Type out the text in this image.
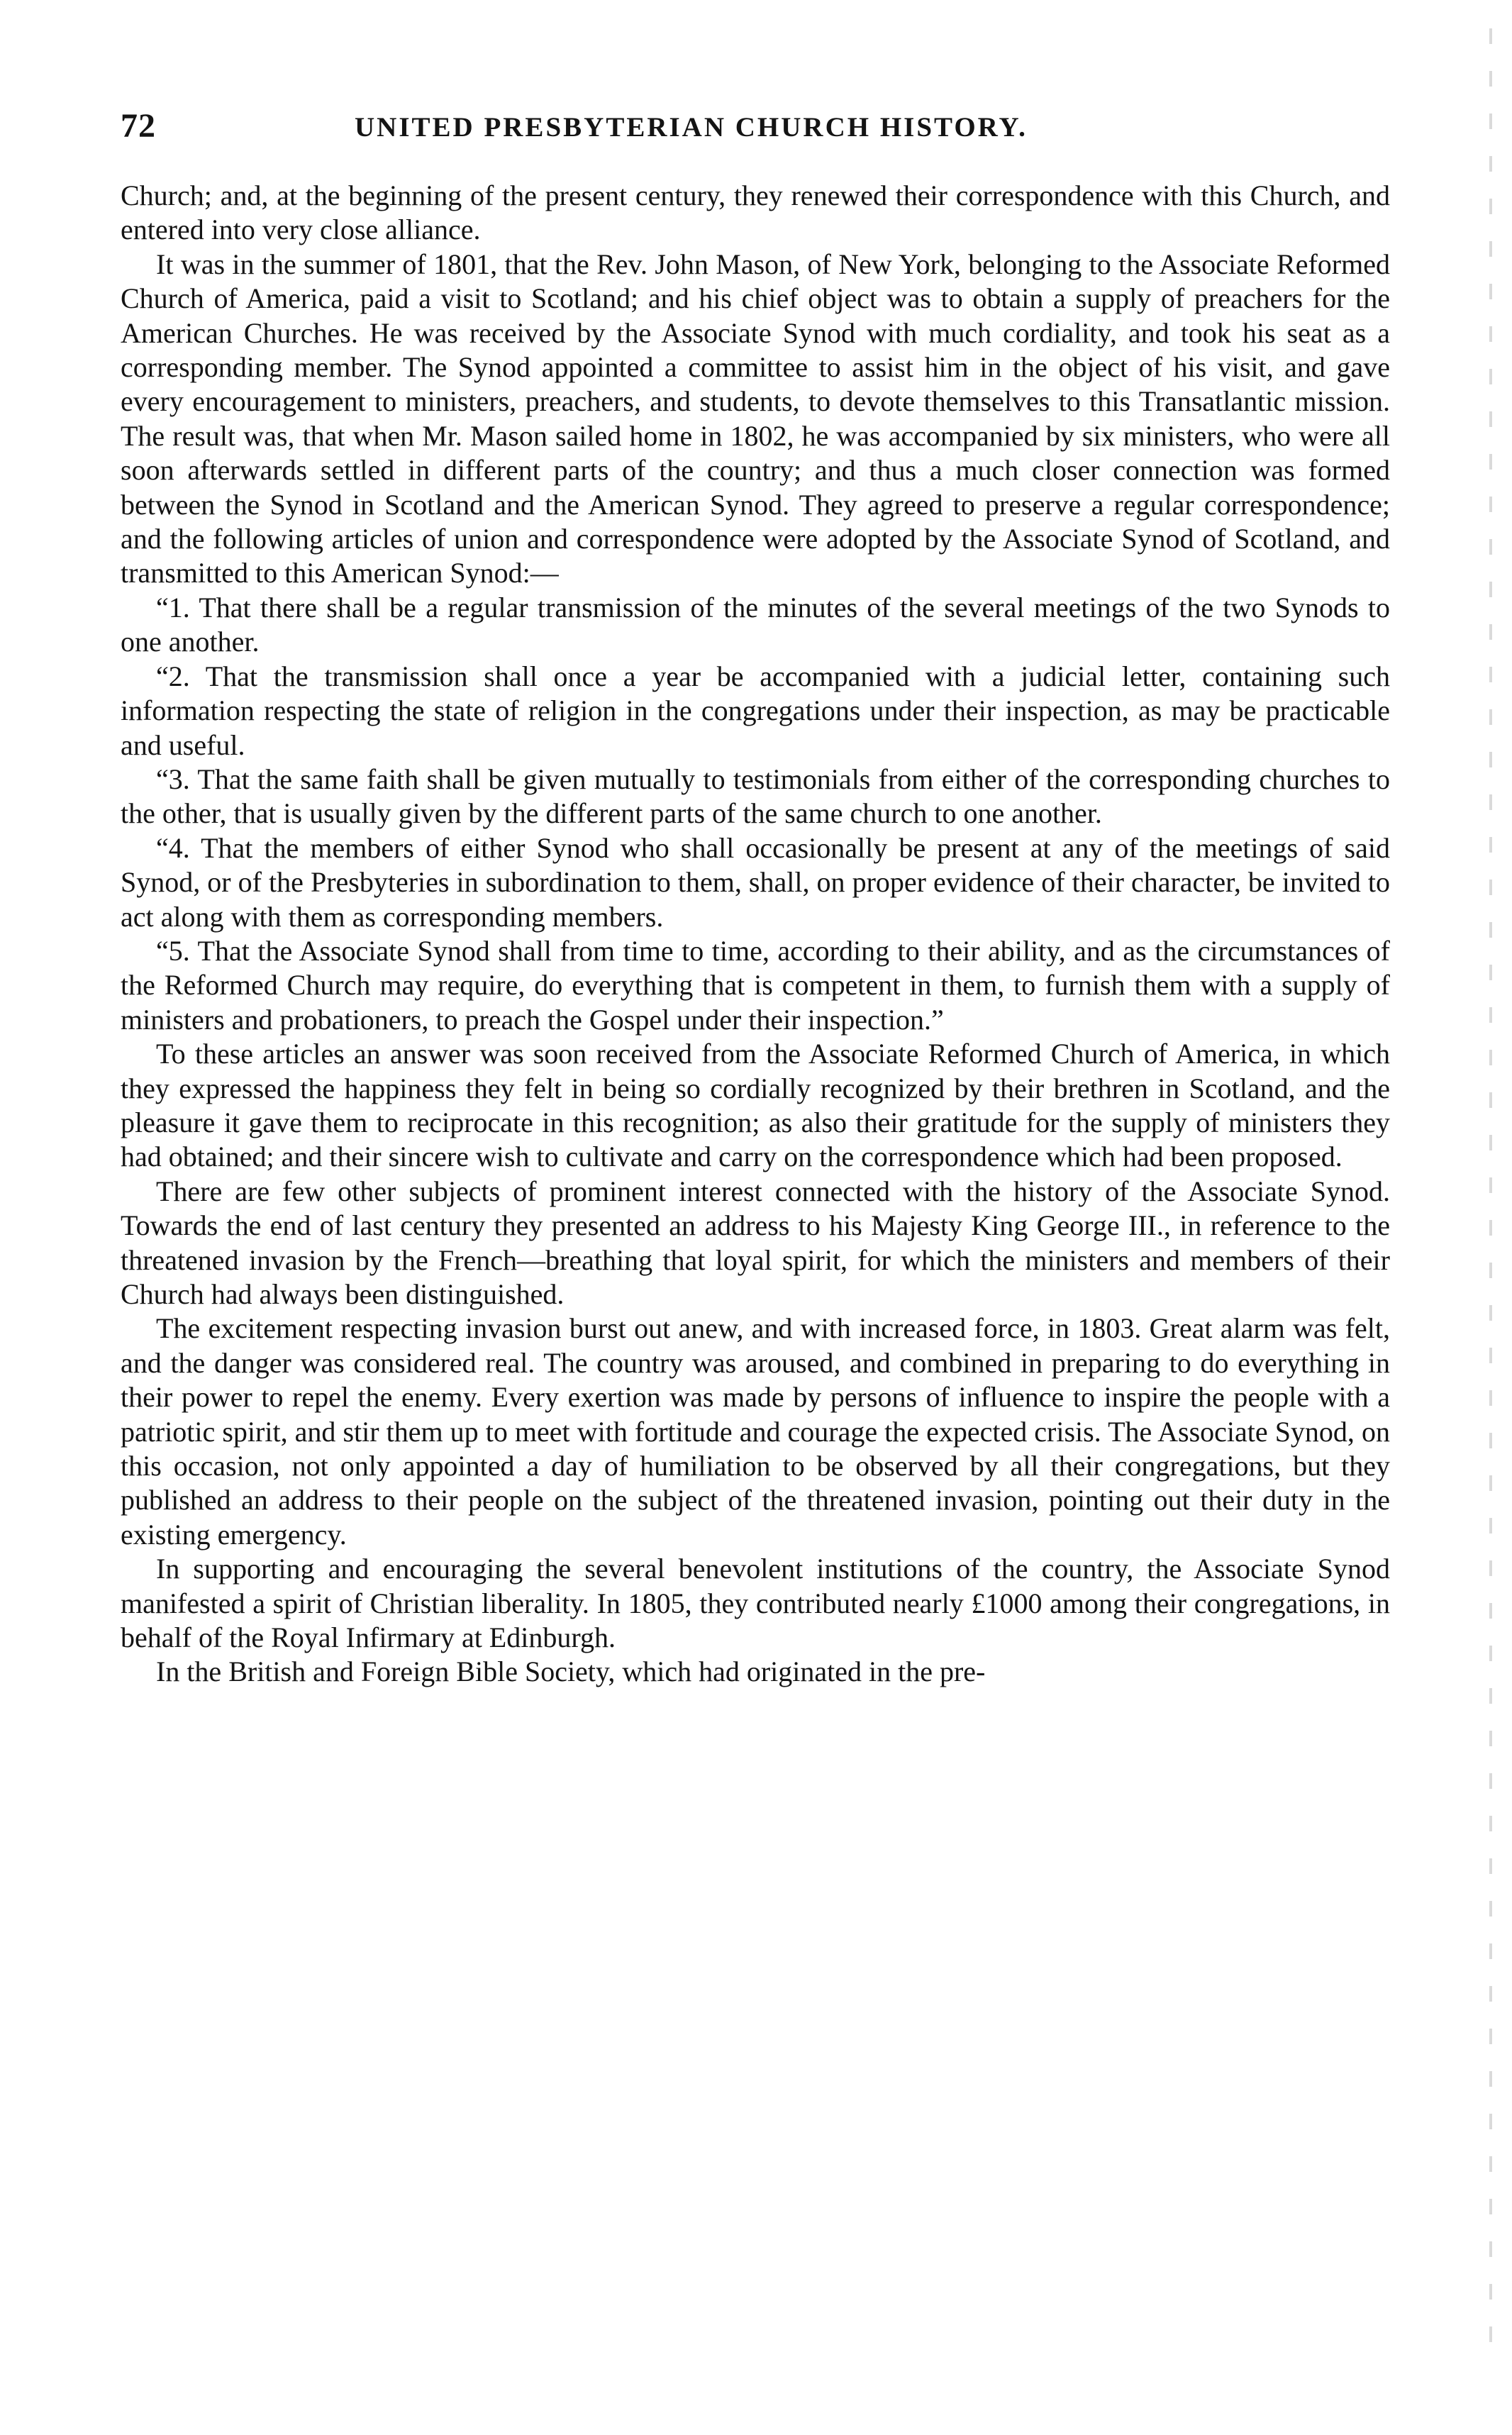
72	UNITED PRESBYTERIAN CHURCH HISTORY.

Church; and, at the beginning of the present century, they renewed their correspondence with this Church, and entered into very close alliance.

It was in the summer of 1801, that the Rev. John Mason, of New York, belonging to the Associate Reformed Church of America, paid a visit to Scotland; and his chief object was to obtain a supply of preachers for the American Churches. He was received by the Associate Synod with much cordiality, and took his seat as a corresponding member. The Synod appointed a committee to assist him in the object of his visit, and gave every encouragement to ministers, preachers, and students, to devote themselves to this Transatlantic mission. The result was, that when Mr. Mason sailed home in 1802, he was accompanied by six ministers, who were all soon afterwards settled in different parts of the country; and thus a much closer connection was formed between the Synod in Scotland and the American Synod. They agreed to preserve a regular correspondence; and the following articles of union and correspondence were adopted by the Associate Synod of Scotland, and transmitted to this American Synod:—

“1. That there shall be a regular transmission of the minutes of the several meetings of the two Synods to one another.

“2. That the transmission shall once a year be accompanied with a judicial letter, containing such information respecting the state of religion in the congregations under their inspection, as may be practicable and useful.

“3. That the same faith shall be given mutually to testimonials from either of the corresponding churches to the other, that is usually given by the different parts of the same church to one another.

“4. That the members of either Synod who shall occasionally be present at any of the meetings of said Synod, or of the Presbyteries in subordination to them, shall, on proper evidence of their character, be invited to act along with them as corresponding members.

“5. That the Associate Synod shall from time to time, according to their ability, and as the circumstances of the Reformed Church may require, do everything that is competent in them, to furnish them with a supply of ministers and probationers, to preach the Gospel under their inspection.”

To these articles an answer was soon received from the Associate Reformed Church of America, in which they expressed the happiness they felt in being so cordially recognized by their brethren in Scotland, and the pleasure it gave them to reciprocate in this recognition; as also their gratitude for the supply of ministers they had obtained; and their sincere wish to cultivate and carry on the correspondence which had been proposed.

There are few other subjects of prominent interest connected with the history of the Associate Synod. Towards the end of last century they presented an address to his Majesty King George III., in reference to the threatened invasion by the French—breathing that loyal spirit, for which the ministers and members of their Church had always been distinguished.

The excitement respecting invasion burst out anew, and with increased force, in 1803. Great alarm was felt, and the danger was considered real. The country was aroused, and combined in preparing to do everything in their power to repel the enemy. Every exertion was made by persons of influence to inspire the people with a patriotic spirit, and stir them up to meet with fortitude and courage the expected crisis. The Associate Synod, on this occasion, not only appointed a day of humiliation to be observed by all their congregations, but they published an address to their people on the subject of the threatened invasion, pointing out their duty in the existing emergency.

In supporting and encouraging the several benevolent institutions of the country, the Associate Synod manifested a spirit of Christian liberality. In 1805, they contributed nearly £1000 among their congregations, in behalf of the Royal Infirmary at Edinburgh.

In the British and Foreign Bible Society, which had originated in the pre-
